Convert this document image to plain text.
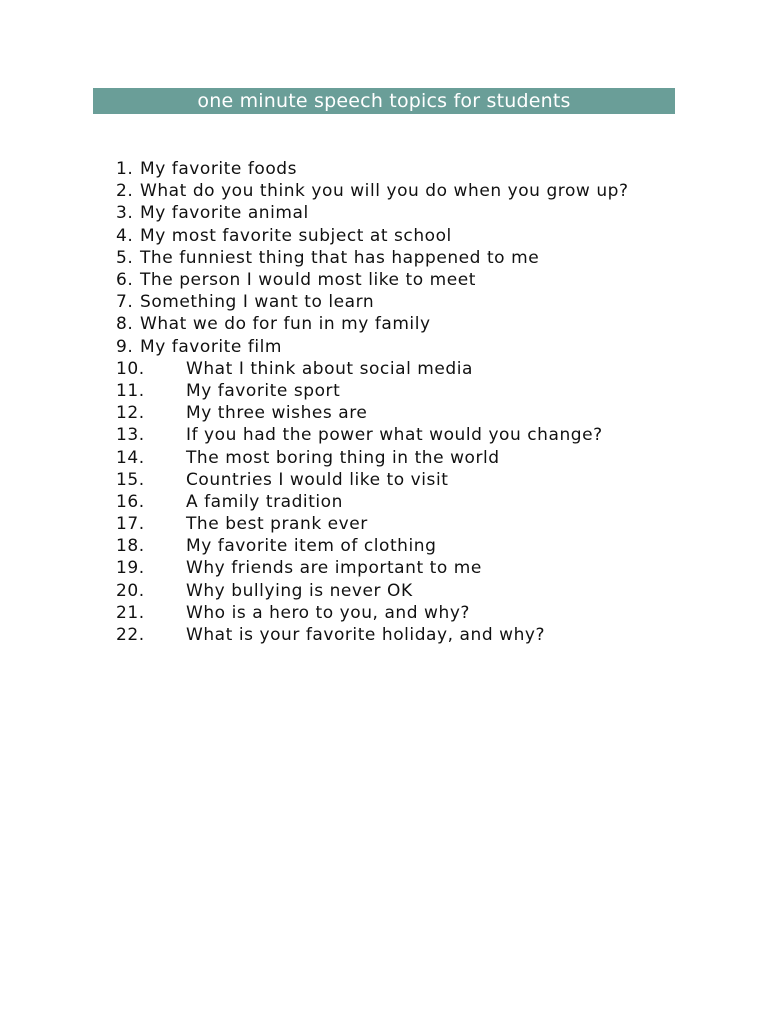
one minute speech topics for students
1. My favorite foods
2. What do you think you will you do when you grow up?
3. My favorite animal
4. My most favorite subject at school
5. The funniest thing that has happened to me
6. The person I would most like to meet
7. Something I want to learn
8. What we do for fun in my family
9. My favorite film
10.	What I think about social media
11.	My favorite sport
12.	My three wishes are
13.	If you had the power what would you change?
14.	The most boring thing in the world
15.	Countries I would like to visit
16.	A family tradition
17.	The best prank ever
18.	My favorite item of clothing
19.	Why friends are important to me
20.	Why bullying is never OK
21.	Who is a hero to you, and why?
22.	What is your favorite holiday, and why?
